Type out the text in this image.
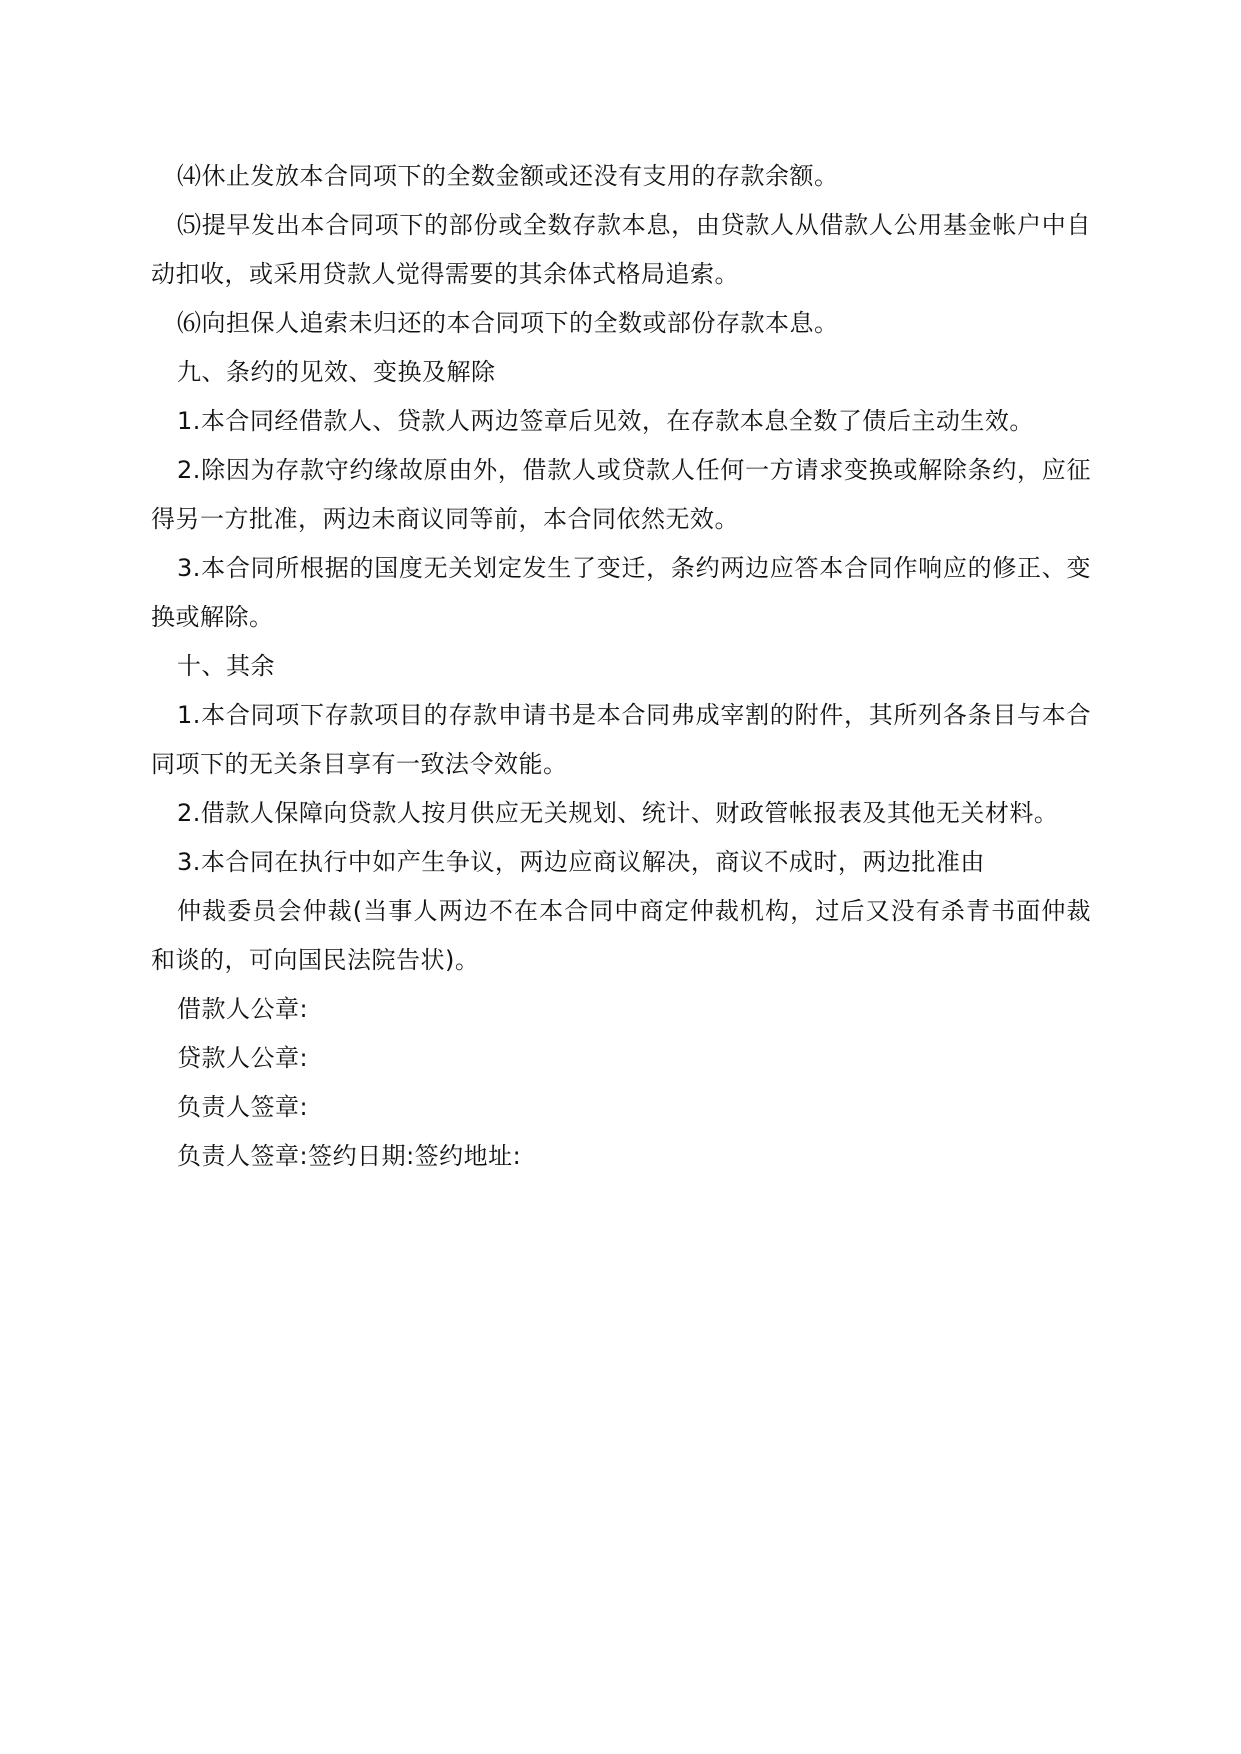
⑷休止发放本合同项下的全数金额或还没有支用的存款余额。

⑸提早发出本合同项下的部份或全数存款本息，由贷款人从借款人公用基金帐户中自动扣收，或采用贷款人觉得需要的其余体式格局追索。

⑹向担保人追索未归还的本合同项下的全数或部份存款本息。

九、条约的见效、变换及解除

1.本合同经借款人、贷款人两边签章后见效，在存款本息全数了债后主动生效。

2.除因为存款守约缘故原由外，借款人或贷款人任何一方请求变换或解除条约，应征得另一方批准，两边未商议同等前，本合同依然无效。

3.本合同所根据的国度无关划定发生了变迁，条约两边应答本合同作响应的修正、变换或解除。

十、其余

1.本合同项下存款项目的存款申请书是本合同弗成宰割的附件，其所列各条目与本合同项下的无关条目享有一致法令效能。

2.借款人保障向贷款人按月供应无关规划、统计、财政管帐报表及其他无关材料。

3.本合同在执行中如产生争议，两边应商议解决，商议不成时，两边批准由

仲裁委员会仲裁(当事人两边不在本合同中商定仲裁机构，过后又没有杀青书面仲裁和谈的，可向国民法院告状)。

借款人公章:

贷款人公章:

负责人签章:

负责人签章:签约日期:签约地址:
